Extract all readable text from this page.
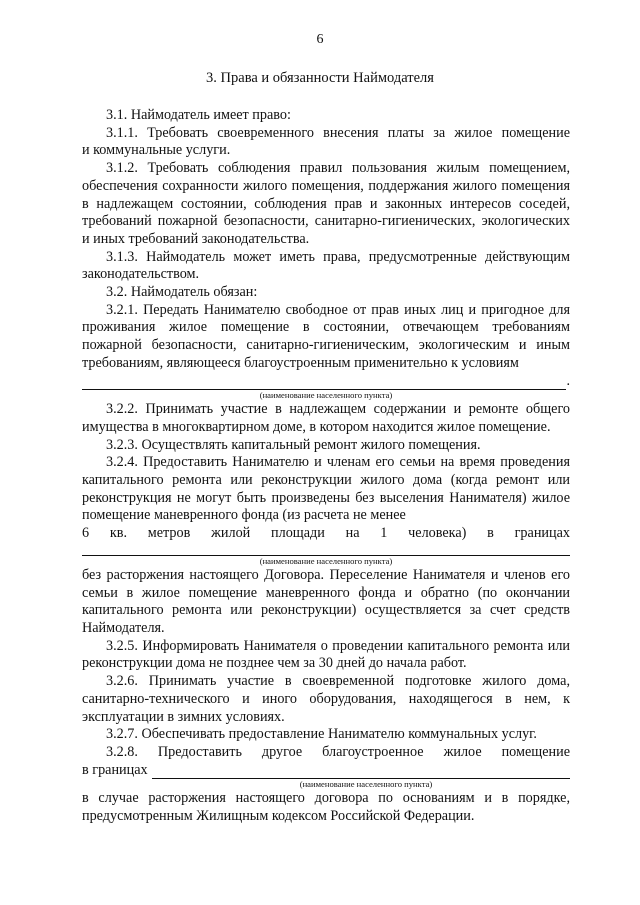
6
3. Права и обязанности Наймодателя

3.1. Наймодатель имеет право:

3.1.1. Требовать своевременного внесения платы за жилое помещение

и коммунальные услуги.

3.1.2. Требовать соблюдения правил пользования жилым помещением, обеспечения сохранности жилого помещения, поддержания жилого помещения в надлежащем состоянии, соблюдения прав и законных интересов соседей, требований пожарной безопасности, санитарно-гигиенических, экологических и иных требований законодательства.

3.1.3. Наймодатель может иметь права, предусмотренные действующим законодательством.

3.2. Наймодатель обязан:

3.2.1. Передать Нанимателю свободное от прав иных лиц и пригодное для проживания жилое помещение в состоянии, отвечающем требованиям пожарной безопасности, санитарно-гигиеническим, экологическим и иным требованиям, являющееся благоустроенным применительно к условиям

.
(наименование населенного пункта)

3.2.2. Принимать участие в надлежащем содержании и ремонте общего имущества в многоквартирном доме, в котором находится жилое помещение.

3.2.3. Осуществлять капитальный ремонт жилого помещения.

3.2.4. Предоставить Нанимателю и членам его семьи на время проведения капитального ремонта или реконструкции жилого дома (когда ремонт или реконструкция не могут быть произведены без выселения Нанимателя) жилое помещение маневренного фонда (из расчета не менее

6 кв. метров жилой площади на 1 человека) в границах

(наименование населенного пункта)

без расторжения настоящего Договора. Переселение Нанимателя и членов его семьи в жилое помещение маневренного фонда и обратно (по окончании капитального ремонта или реконструкции) осуществляется за счет средств Наймодателя.

3.2.5. Информировать Нанимателя о проведении капитального ремонта или реконструкции дома не позднее чем за 30 дней до начала работ.

3.2.6. Принимать участие в своевременной подготовке жилого дома, санитарно-технического и иного оборудования, находящегося в нем, к эксплуатации в зимних условиях.

3.2.7. Обеспечивать предоставление Нанимателю коммунальных услуг.

3.2.8. Предоставить другое благоустроенное жилое помещение

в границах
(наименование населенного пункта)

в случае расторжения настоящего договора по основаниям и в порядке, предусмотренным Жилищным кодексом Российской Федерации.
